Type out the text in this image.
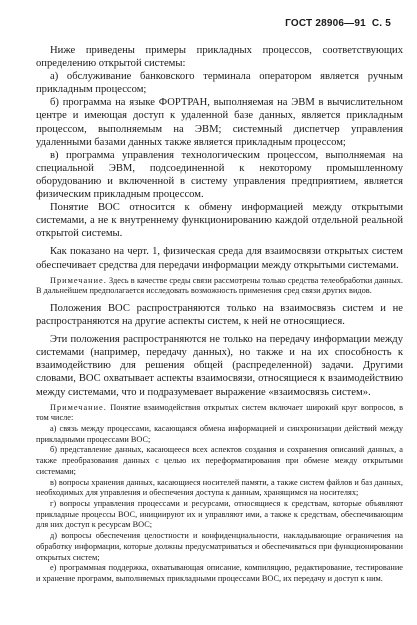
ГОСТ 28906—91 С. 5

Ниже приведены примеры прикладных процессов, соответствующих определению открытой системы:

а) обслуживание банковского терминала оператором является ручным прикладным процессом;

б) программа на языке ФОРТРАН, выполняемая на ЭВМ в вычислительном центре и имеющая доступ к удаленной базе данных, является прикладным процессом, выполняемым на ЭВМ; системный диспетчер управления удаленными базами данных также является прикладным процессом;

в) программа управления технологическим процессом, выполняемая на специальной ЭВМ, подсоединенной к некоторому промышленному оборудованию и включенной в систему управления предприятием, является физическим прикладным процессом.

Понятие ВОС относится к обмену информацией между открытыми системами, а не к внутреннему функционированию каждой отдельной реальной открытой системы.

Как показано на черт. 1, физическая среда для взаимосвязи открытых систем обеспечивает средства для передачи информации между открытыми системами.

Примечание. Здесь в качестве среды связи рассмотрены только средства телеобработки данных. В дальнейшем предполагается исследовать возможность применения сред связи других видов.

Положения ВОС распространяются только на взаимосвязь систем и не распространяются на другие аспекты систем, к ней не относящиеся.

Эти положения распространяются не только на передачу информации между системами (например, передачу данных), но также и на их способность к взаимодействию для решения общей (распределенной) задачи. Другими словами, ВОС охватывает аспекты взаимосвязи, относящиеся к взаимодействию между системами, что и подразумевает выражение «взаимосвязь систем».

Примечание. Понятие взаимодействия открытых систем включает широкий круг вопросов, в том числе:

а) связь между процессами, касающаяся обмена информацией и синхронизации действий между прикладными процессами ВОС;

б) представление данных, касающееся всех аспектов создания и сохранения описаний данных, а также преобразования данных с целью их переформатирования при обмене между открытыми системами;

в) вопросы хранения данных, касающиеся носителей памяти, а также систем файлов и баз данных, необходимых для управления и обеспечения доступа к данным, хранящимся на носителях;

г) вопросы управления процессами и ресурсами, относящиеся к средствам, которые объявляют прикладные процессы ВОС, инициируют их и управляют ими, а также к средствам, обеспечивающим для них доступ к ресурсам ВОС;

д) вопросы обеспечения целостности и конфиденциальности, накладывающие ограничения на обработку информации, которые должны предусматриваться и обеспечиваться при функционировании открытых систем;

е) программная поддержка, охватывающая описание, компиляцию, редактирование, тестирование и хранение программ, выполняемых прикладными процессами ВОС, их передачу и доступ к ним.
